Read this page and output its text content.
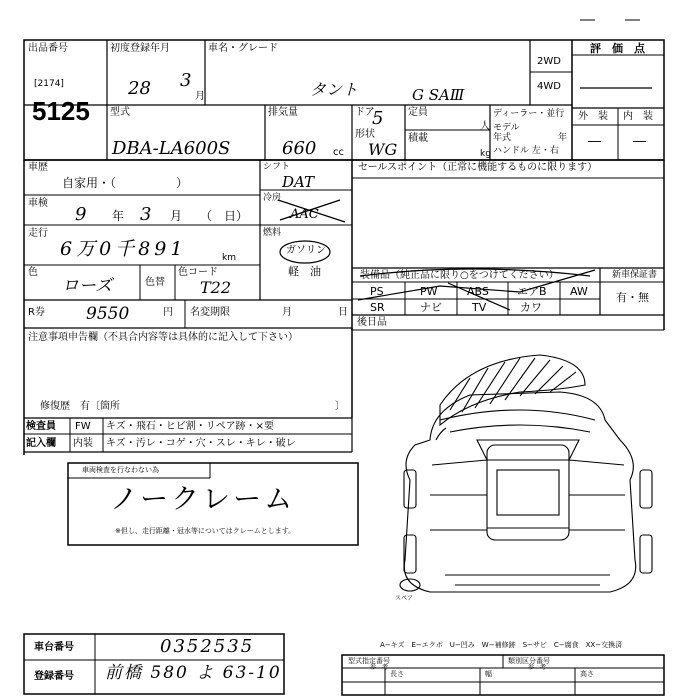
出品番号
[2174]
5125
初度登録年月
28 3
月
車名・グレード
タント	G SAⅢ
2WD
4WD
評　価　点
型式
DBA-LA600S
排気量
660 cc
ドア
5
形状
WG
定員
人
積載
kg
ディーラー・並行
モデル
年式	年
ハンドル 左・右
外　装 内　装
― ―
車歴
自家用・（　　　　　）
車検
9 年 3 月 （　日）
走行
6万0千891	km
色
ローズ	色替
色コード
T22
R券 9550	円 名変期限	月	日
シフト
DAT
冷房
AAC
燃料
ガソリン
軽　油
セールスポイント（正常に機能するものに限ります）
装備品（純正品に限り○をつけてください）	新車保証書
有・無
PS	PW	ABS	エアB AW
SR	ナビ	TV	カワ
後日品
注意事項申告欄（不具合内容等は具体的に記入して下さい）
修復歴　有〔箇所	〕
検査員
記入欄
FW キズ・飛石・ヒビ割・リペア跡・×要
内装 キズ・汚レ・コゲ・穴・スレ・キレ・破レ
車両検査を行なわない為
ノークレーム
※但し、走行距離・冠水等についてはクレームとします。
スペア
A−キズ　E−エクボ　U−凹み　W−補修跡　S−サビ　C−腐食　XX−交換済
車台番号	0352535
登録番号 前橋 580 よ 63-10
型式指定番号
参　考
類別区分番号
参　考
長さ	幅	高さ
